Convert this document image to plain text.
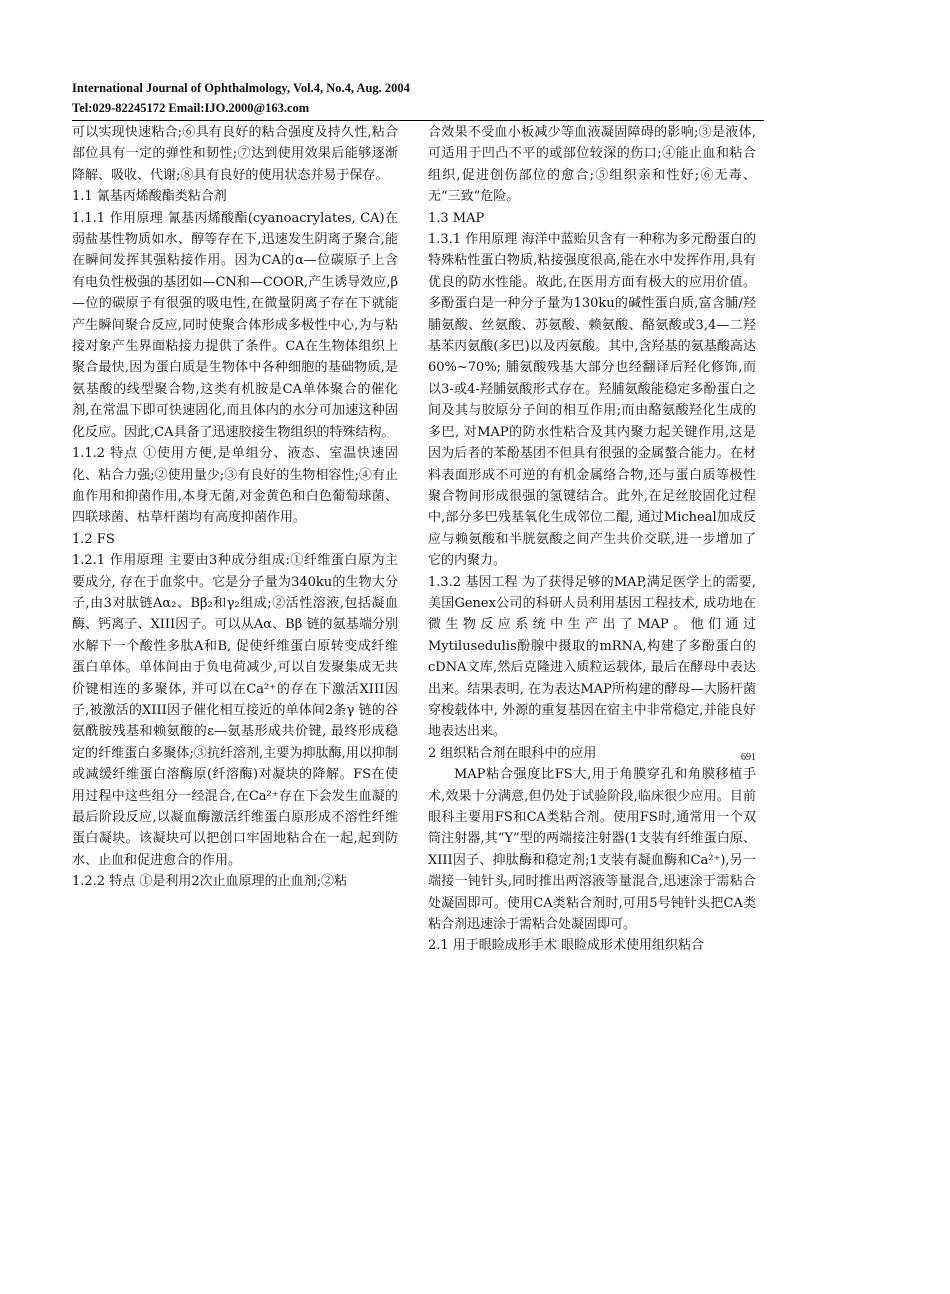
International Journal of Ophthalmology, Vol.4, No.4, Aug. 2004
Tel:029-82245172 Email:IJO.2000@163.com

可以实现快速粘合;⑥具有良好的粘合强度及持久性,粘合部位具有一定的弹性和韧性;⑦达到使用效果后能够逐渐降解、吸收、代谢;⑧具有良好的使用状态并易于保存。

1.1 氰基丙烯酸酯类粘合剂

1.1.1 作用原理 氰基丙烯酸酯(cyanoacrylates, CA)在弱盐基性物质如水、醇等存在下,迅速发生阴离子聚合,能在瞬间发挥其强粘接作用。因为CA的α—位碳原子上含有电负性极强的基团如—CN和—COOR,产生诱导效应,β—位的碳原子有很强的吸电性,在微量阴离子存在下就能产生瞬间聚合反应,同时使聚合体形成多极性中心,为与粘接对象产生界面粘接力提供了条件。CA在生物体组织上聚合最快,因为蛋白质是生物体中各种细胞的基础物质,是氨基酸的线型聚合物,这类有机胺是CA单体聚合的催化剂,在常温下即可快速固化,而且体内的水分可加速这种固化反应。因此,CA具备了迅速胶接生物组织的特殊结构。

1.1.2 特点 ①使用方便,是单组分、液态、室温快速固化、粘合力强;②使用量少;③有良好的生物相容性;④有止血作用和抑菌作用,本身无菌,对金黄色和白色葡萄球菌、四联球菌、枯草杆菌均有高度抑菌作用。

1.2 FS

1.2.1 作用原理 主要由3种成分组成:①纤维蛋白原为主要成分, 存在于血浆中。它是分子量为340ku的生物大分子,由3对肽链Aα₂、Bβ₂和γ₂组成;②活性溶液,包括凝血酶、钙离子、XIII因子。可以从Aα、Bβ 链的氨基端分别水解下一个酸性多肽A和B, 促使纤维蛋白原转变成纤维蛋白单体。单体间由于负电荷减少,可以自发聚集成无共价键相连的多聚体, 并可以在Ca²⁺的存在下激活XIII因子,被激活的XIII因子催化相互接近的单体间2条γ 链的谷氨酰胺残基和赖氨酸的ε—氨基形成共价键, 最终形成稳定的纤维蛋白多聚体;③抗纤溶剂,主要为抑肽酶,用以抑制或减缓纤维蛋白溶酶原(纤溶酶)对凝块的降解。FS在使用过程中这些组分一经混合,在Ca²⁺存在下会发生血凝的最后阶段反应,以凝血酶激活纤维蛋白原形成不溶性纤维蛋白凝块。该凝块可以把创口牢固地粘合在一起,起到防水、止血和促进愈合的作用。

1.2.2 特点 ①是利用2次止血原理的止血剂;②粘

合效果不受血小板减少等血液凝固障碍的影响;③是液体, 可适用于凹凸不平的或部位较深的伤口;④能止血和粘合组织,促进创伤部位的愈合;⑤组织亲和性好;⑥无毒、无“三致”危险。

1.3 MAP

1.3.1 作用原理 海洋中蓝贻贝含有一种称为多元酚蛋白的特殊粘性蛋白物质,粘接强度很高,能在水中发挥作用,具有优良的防水性能。故此,在医用方面有极大的应用价值。多酚蛋白是一种分子量为130ku的碱性蛋白质,富含脯/羟脯氨酸、丝氨酸、苏氨酸、赖氨酸、酪氨酸或3,4—二羟基苯丙氨酸(多巴)以及丙氨酸。其中,含羟基的氨基酸高达60%~70%; 脯氨酸残基大部分也经翻译后羟化修饰,而以3-或4-羟脯氨酸形式存在。羟脯氨酸能稳定多酚蛋白之间及其与胶原分子间的相互作用;而由酪氨酸羟化生成的多巴, 对MAP的防水性粘合及其内聚力起关键作用,这是因为后者的苯酚基团不但具有很强的金属螯合能力。在材料表面形成不可逆的有机金属络合物,还与蛋白质等极性聚合物间形成很强的氢键结合。此外,在足丝胶固化过程中,部分多巴残基氧化生成邻位二醌, 通过Micheal加成反应与赖氨酸和半胱氨酸之间产生共价交联,进一步增加了它的内聚力。

1.3.2 基因工程 为了获得足够的MAP,满足医学上的需要,美国Genex公司的科研人员利用基因工程技术, 成功地在微生物反应系统中生产出了MAP。他们通过Mytilusedulis酚腺中摄取的mRNA,构建了多酚蛋白的cDNA文库,然后克隆进入质粒运载体, 最后在酵母中表达出来。结果表明, 在为表达MAP所构建的酵母—大肠杆菌穿梭载体中, 外源的重复基因在宿主中非常稳定,并能良好地表达出来。

2 组织粘合剂在眼科中的应用

MAP粘合强度比FS大,用于角膜穿孔和角膜移植手术,效果十分满意,但仍处于试验阶段,临床很少应用。目前眼科主要用FS和CA类粘合剂。使用FS时,通常用一个双筒注射器,其“Y”型的两端接注射器(1支装有纤维蛋白原、XIII因子、抑肽酶和稳定剂;1支装有凝血酶和Ca²⁺),另一端接一钝针头,同时推出两溶液等量混合,迅速涂于需粘合处凝固即可。使用CA类粘合剂时,可用5号钝针头把CA类粘合剂迅速涂于需粘合处凝固即可。

2.1 用于眼睑成形手术 眼睑成形术使用组织粘合

691
